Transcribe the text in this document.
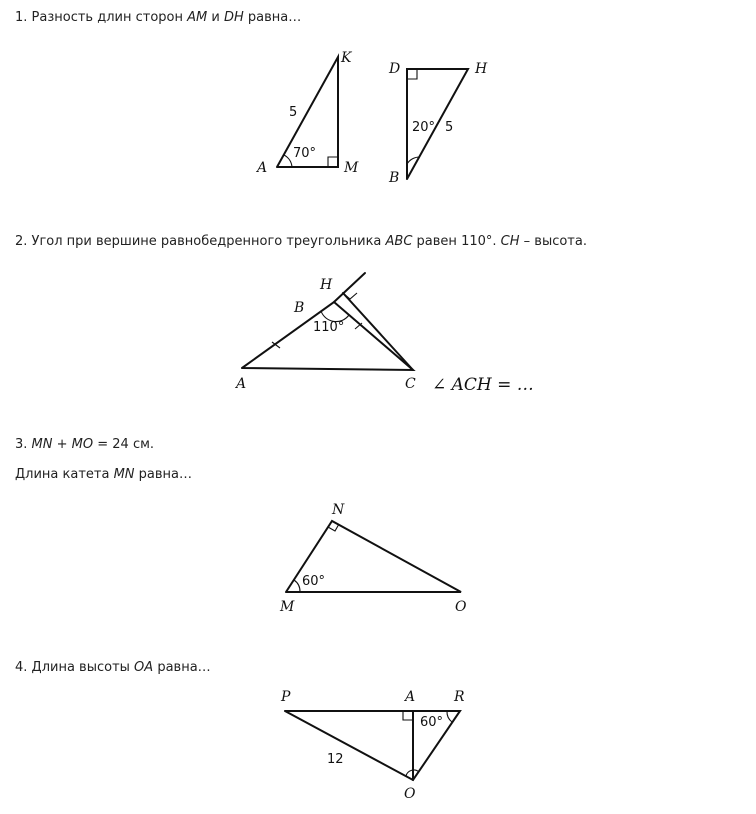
1. Разность длин сторон AM и DH равна…
K
A	M
5
70°
D	H
B
5
20°
A
B
C
H
110°
∠ ACH = …
N
M	O
60°
P	A	R
O
12
60°
2. Угол при вершине равнобедренного треугольника ABC равен 110°. CH – высота.
3. MN + MO = 24 см.
Длина катета MN равна…
4. Длина высоты OA равна…
